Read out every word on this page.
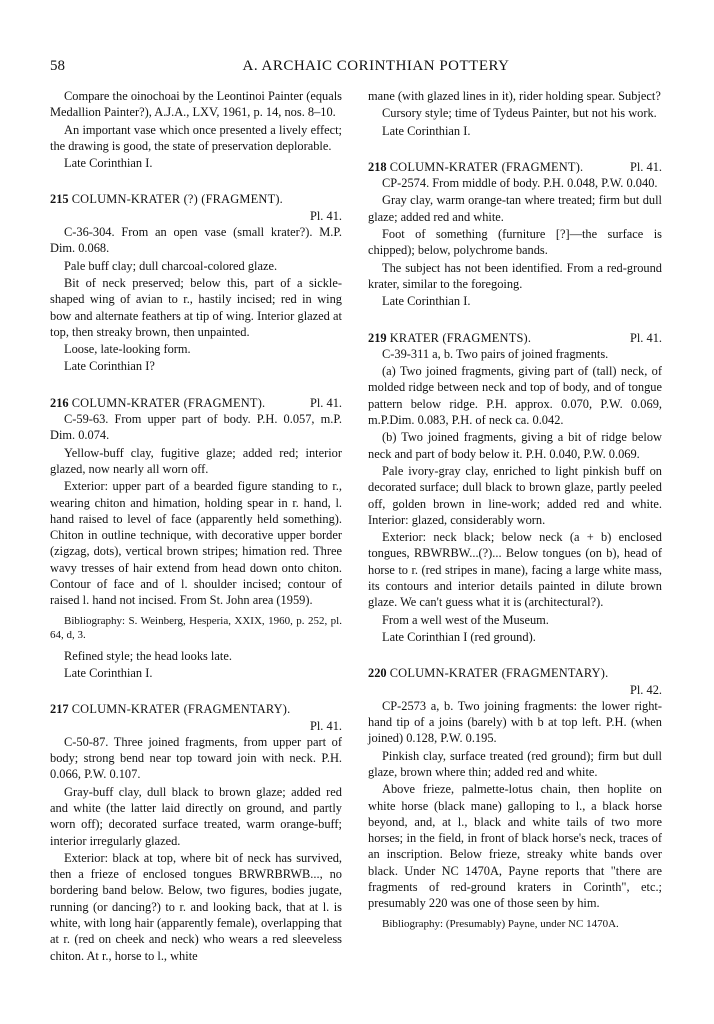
58	A. ARCHAIC CORINTHIAN POTTERY

Compare the oinochoai by the Leontinoi Painter (equals Medallion Painter?), A.J.A., LXV, 1961, p. 14, nos. 8–10.

An important vase which once presented a lively effect; the drawing is good, the state of preservation deplorable.

Late Corinthian I.

215 COLUMN-KRATER (?) (FRAGMENT).
Pl. 41.

C-36-304. From an open vase (small krater?). M.P. Dim. 0.068.

Pale buff clay; dull charcoal-colored glaze.

Bit of neck preserved; below this, part of a sickle-shaped wing of avian to r., hastily incised; red in wing bow and alternate feathers at tip of wing. Interior glazed at top, then streaky brown, then unpainted.

Loose, late-looking form.

Late Corinthian I?

216 COLUMN-KRATER (FRAGMENT).	Pl. 41.

C-59-63. From upper part of body. P.H. 0.057, m.P. Dim. 0.074.

Yellow-buff clay, fugitive glaze; added red; interior glazed, now nearly all worn off.

Exterior: upper part of a bearded figure standing to r., wearing chiton and himation, holding spear in r. hand, l. hand raised to level of face (apparently held something). Chiton in outline technique, with decorative upper border (zigzag, dots), vertical brown stripes; himation red. Three wavy tresses of hair extend from head down onto chiton. Contour of face and of l. shoulder incised; contour of raised l. hand not incised. From St. John area (1959).

Bibliography: S. Weinberg, Hesperia, XXIX, 1960, p. 252, pl. 64, d, 3.

Refined style; the head looks late.

Late Corinthian I.

217 COLUMN-KRATER (FRAGMENTARY).
Pl. 41.

C-50-87. Three joined fragments, from upper part of body; strong bend near top toward join with neck. P.H. 0.066, P.W. 0.107.

Gray-buff clay, dull black to brown glaze; added red and white (the latter laid directly on ground, and partly worn off); decorated surface treated, warm orange-buff; interior irregularly glazed.

Exterior: black at top, where bit of neck has survived, then a frieze of enclosed tongues BRWRBRWB..., no bordering band below. Below, two figures, bodies jugate, running (or dancing?) to r. and looking back, that at l. is white, with long hair (apparently female), overlapping that at r. (red on cheek and neck) who wears a red sleeveless chiton. At r., horse to l., white

mane (with glazed lines in it), rider holding spear. Subject?

Cursory style; time of Tydeus Painter, but not his work.

Late Corinthian I.

218 COLUMN-KRATER (FRAGMENT).	Pl. 41.

CP-2574. From middle of body. P.H. 0.048, P.W. 0.040.

Gray clay, warm orange-tan where treated; firm but dull glaze; added red and white.

Foot of something (furniture [?]—the surface is chipped); below, polychrome bands.

The subject has not been identified. From a red-ground krater, similar to the foregoing.

Late Corinthian I.

219 KRATER (FRAGMENTS).	Pl. 41.

C-39-311 a, b. Two pairs of joined fragments.

(a) Two joined fragments, giving part of (tall) neck, of molded ridge between neck and top of body, and of tongue pattern below ridge. P.H. approx. 0.070, P.W. 0.069, m.P.Dim. 0.083, P.H. of neck ca. 0.042.

(b) Two joined fragments, giving a bit of ridge below neck and part of body below it. P.H. 0.040, P.W. 0.069.

Pale ivory-gray clay, enriched to light pinkish buff on decorated surface; dull black to brown glaze, partly peeled off, golden brown in line-work; added red and white. Interior: glazed, considerably worn.

Exterior: neck black; below neck (a + b) enclosed tongues, RBWRBW...(?)... Below tongues (on b), head of horse to r. (red stripes in mane), facing a large white mass, its contours and interior details painted in dilute brown glaze. We can't guess what it is (architectural?).

From a well west of the Museum.

Late Corinthian I (red ground).

220 COLUMN-KRATER (FRAGMENTARY).
Pl. 42.

CP-2573 a, b. Two joining fragments: the lower right-hand tip of a joins (barely) with b at top left. P.H. (when joined) 0.128, P.W. 0.195.

Pinkish clay, surface treated (red ground); firm but dull glaze, brown where thin; added red and white.

Above frieze, palmette-lotus chain, then hoplite on white horse (black mane) galloping to l., a black horse beyond, and, at l., black and white tails of two more horses; in the field, in front of black horse's neck, traces of an inscription. Below frieze, streaky white bands over black. Under NC 1470A, Payne reports that "there are fragments of red-ground kraters in Corinth", etc.; presumably 220 was one of those seen by him.

Bibliography: (Presumably) Payne, under NC 1470A.
